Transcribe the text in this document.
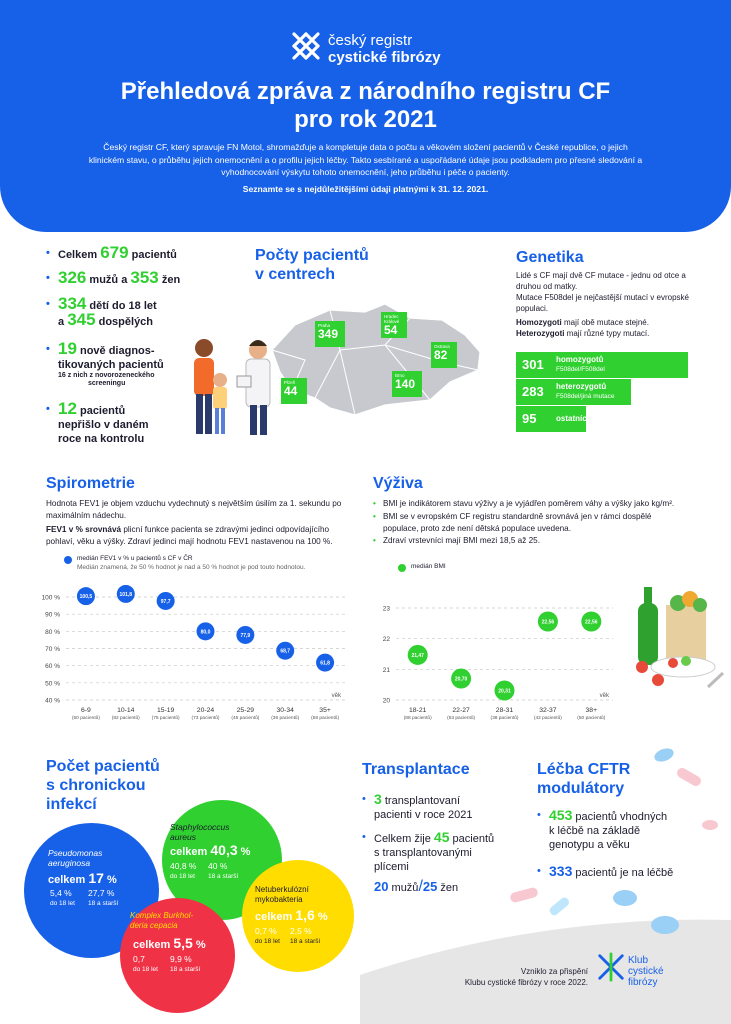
český registr
cystické fibrózy
Přehledová zpráva z národního registru CF
pro rok 2021
Český registr CF, který spravuje FN Motol, shromažďuje a kompletuje data o počtu a věkovém složení pacientů v České republice, o jejich klinickém stavu, o průběhu jejich onemocnění a o profilu jejich léčby. Takto sesbírané a uspořádané údaje jsou podkladem pro přesné sledování a vyhodnocování výskytu tohoto onemocnění, jeho průběhu i péče o pacienty.
Seznamte se s nejdůležitějšími údaji platnými k 31. 12. 2021.
• Celkem 679 pacientů
• 326 mužů a 353 žen
• 334 dětí do 18 let
a 345 dospělých
• 19 nově diagnos-
tikovaných pacientů
16 z nich z novorozeneckého
screeningu
• 12 pacientů
nepřišlo v daném
roce na kontrolu
Počty pacientů
v centrech
Plzeň
44
Praha
349
Hradec Králové
54
Brno
140
Ostrava
82
Genetika
Lidé s CF mají dvě CF mutace - jednu od otce a druhou od matky.
Mutace F508del je nejčastější mutací v evropské populaci.
Homozygoti mají obě mutace stejné.
Heterozygoti mají různé typy mutací.
301 homozygotů
F508del/F508del
283 heterozygotů
F508del/jiná mutace
95 ostatních
Spirometrie
Hodnota FEV1 je objem vzduchu vydechnutý s největším úsilím za 1. sekundu po maximálním nádechu.
FEV1 v % srovnává plicní funkce pacienta se zdravými jedinci odpovídajícího pohlaví, věku a výšky. Zdraví jedinci mají hodnotu FEV1 nastavenou na 100 %.
medián FEV1 v % u pacientů s CF v ČR
Medián znamená, že 50 % hodnot je nad a 50 % hodnot je pod touto hodnotou.
100 %
90 %
80 %
70 %
60 %
50 %
40 %
6-9
(50 pacientů)
100,5
10-14
(82 pacientů)
101,8
15-19
(75 pacientů)
97,7
20-24
(73 pacientů)
80,0
25-29
(45 pacientů)
77,9
30-34
(36 pacientů)
68,7
35+
(58 pacientů)
61,8
věk
Výživa
• BMI je indikátorem stavu výživy a je vyjádřen poměrem váhy a výšky jako kg/m².
• BMI se v evropském CF registru standardně srovnává jen v rámci dospělé populace, proto zde není dětská populace uvedena.
• Zdraví vrstevníci mají BMI mezi 18,5 až 25.
medián BMI
23
22
21
20
18-21
(88 pacientů)
21,47
22-27
(53 pacientů)
20,70
28-31
(38 pacientů)
20,31
32-37
(42 pacientů)
22,56
38+
(50 pacientů)
22,56
věk
Počet pacientů
s chronickou
infekcí
Pseudomonas
aeruginosa
celkem 17 %
5,4 % 27,7 %
do 18 let 18 a starší
Staphylococcus
aureus
celkem 40,3 %
40,8 % 40 %
do 18 let 18 a starší
Komplex Burkhol-
deria cepacia
celkem 5,5 %
0,7	9,9 %
do 18 let 18 a starší
Netuberkulózní
mykobakteria
celkem 1,6 %
0,7 % 2,5 %
do 18 let 18 a starší
Transplantace
• 3 transplantovaní
pacienti v roce 2021
• Celkem žije 45 pacientů
s transplantovanými
plícemi
20 mužů/25 žen
Léčba CFTR
modulátory
• 453 pacientů vhodných
k léčbě na základě
genotypu a věku
• 333 pacientů je na léčbě
Vzniklo za přispění
Klubu cystické fibrózy v roce 2022.
Klub
cystické
fibrózy
